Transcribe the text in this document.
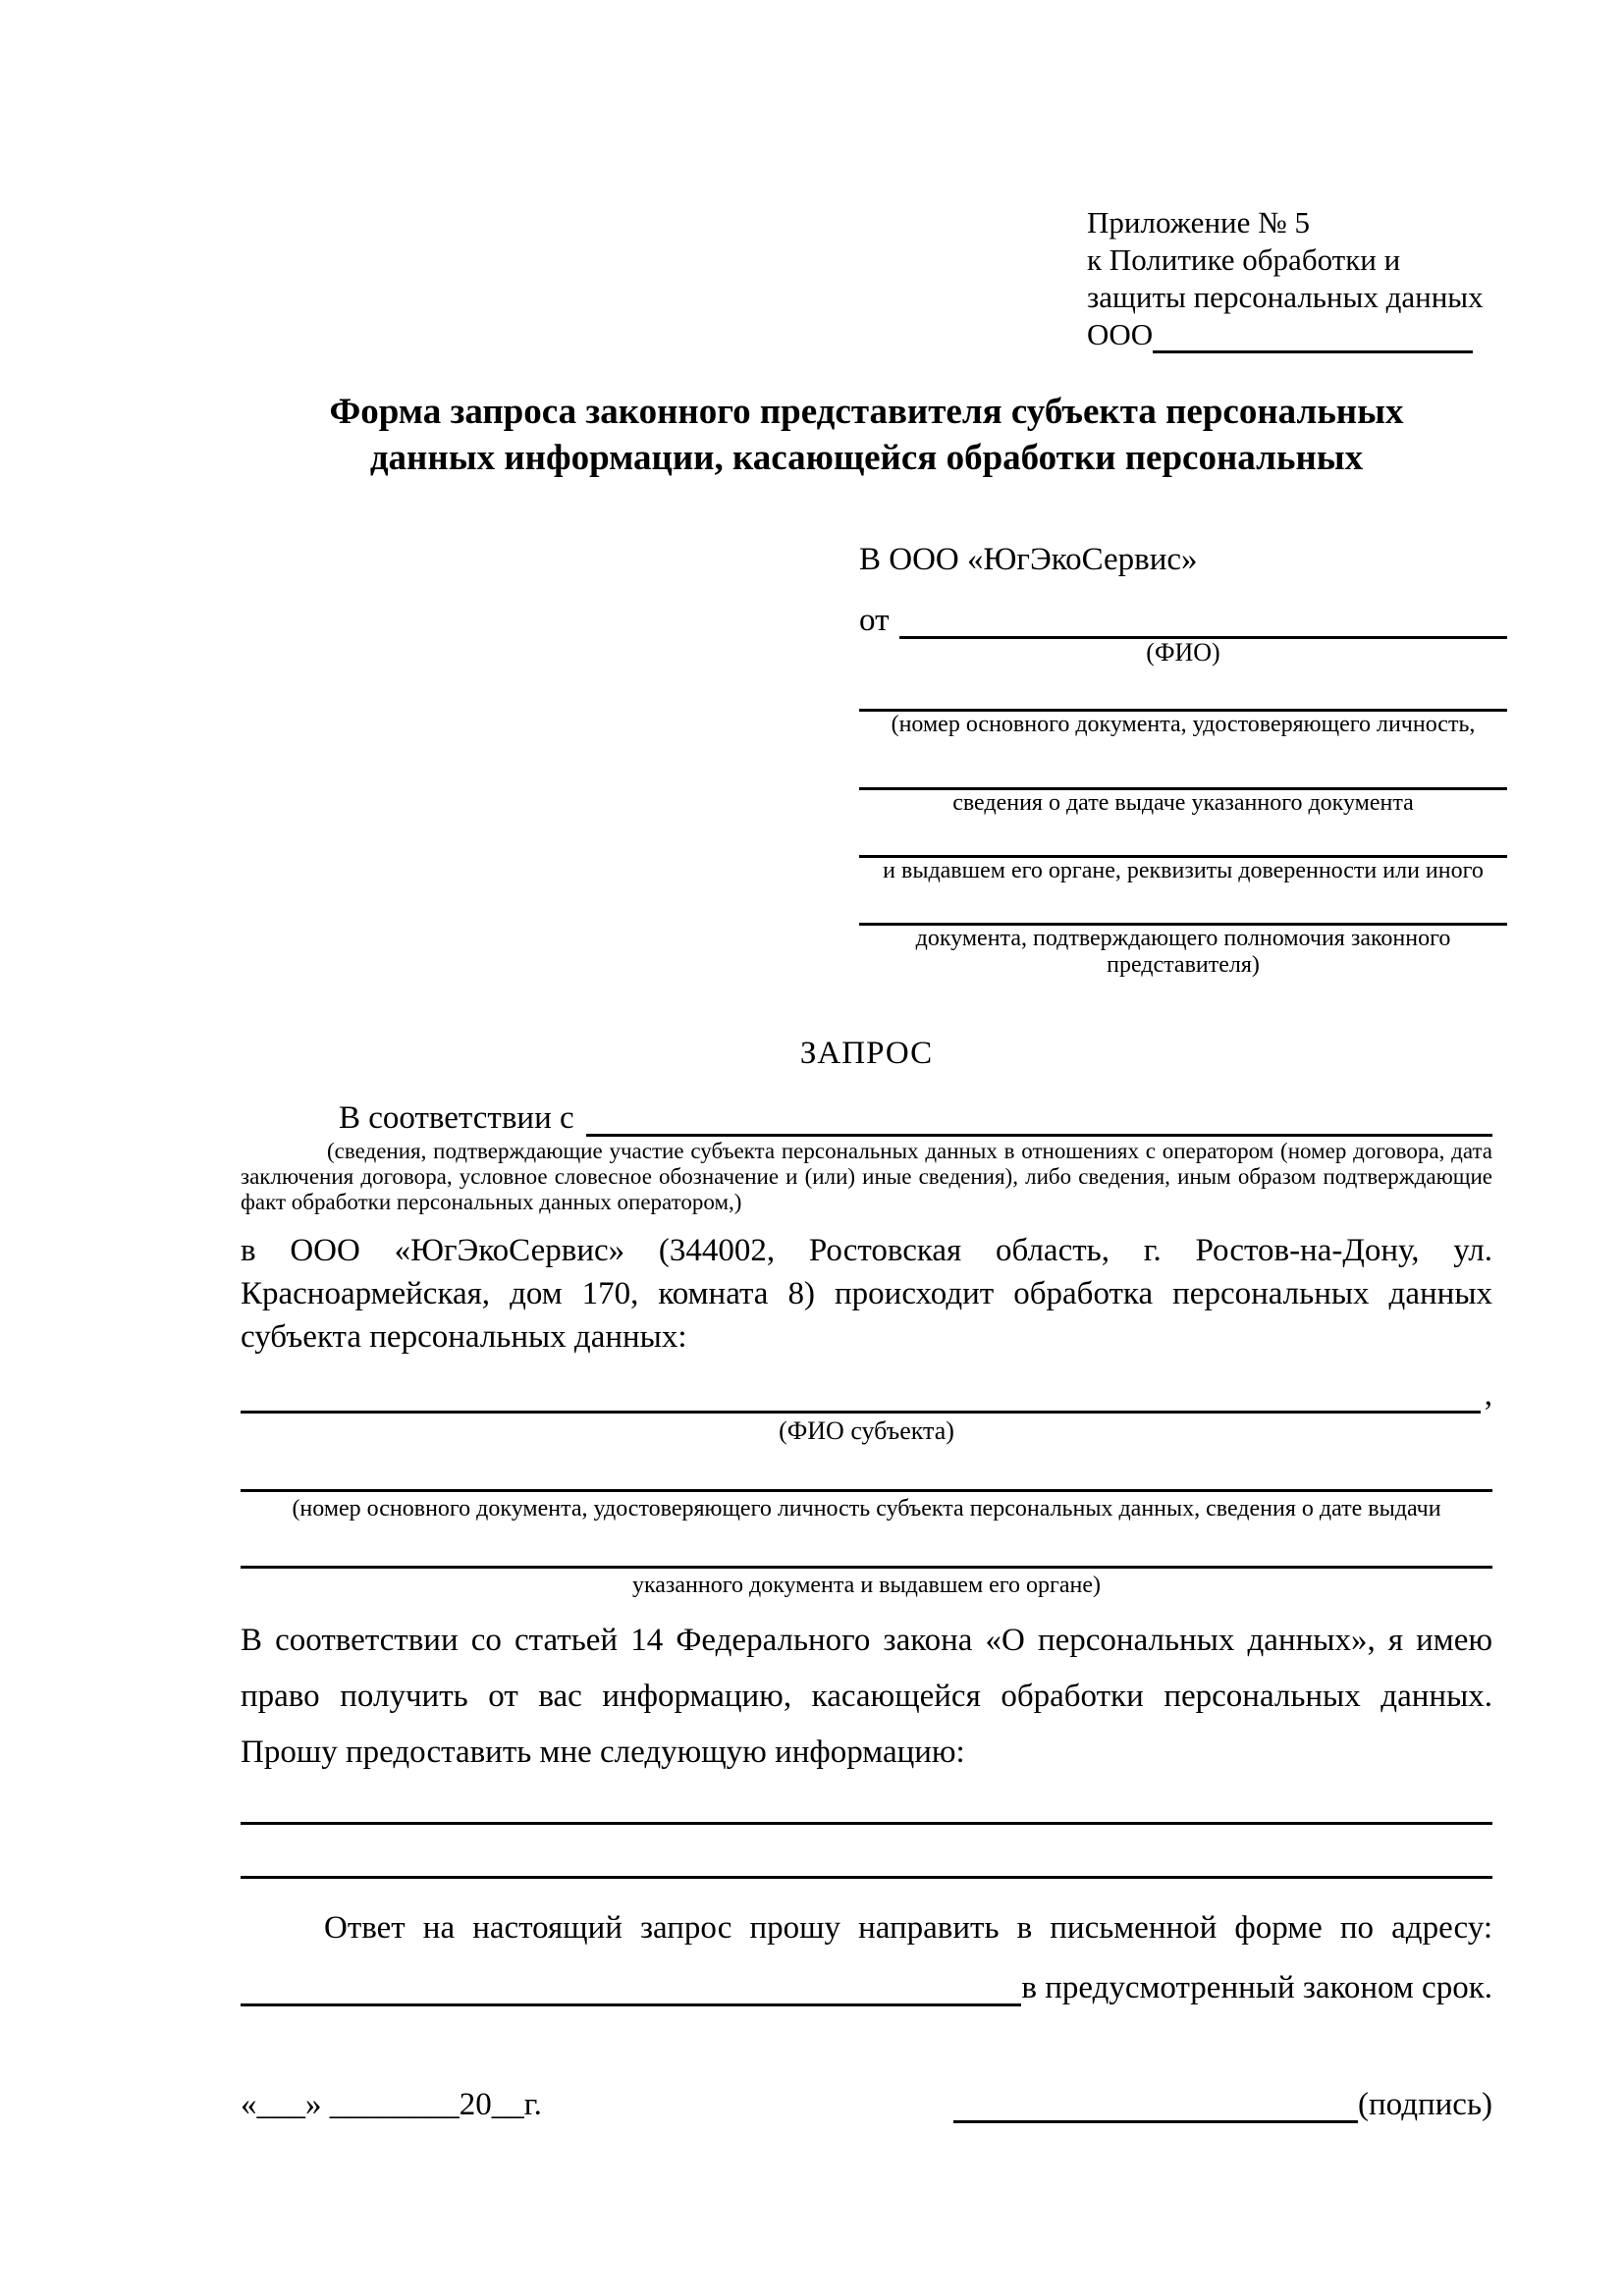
Приложение № 5
к Политике обработки и
защиты персональных данных
ООО
Форма запроса законного представителя субъекта персональных
данных информации, касающейся обработки персональных
В ООО «ЮгЭкоСервис»
от
(ФИО)
(номер основного документа, удостоверяющего личность,
сведения о дате выдаче указанного документа
и выдавшем его органе, реквизиты доверенности или иного
документа, подтверждающего полномочия законного представителя)
ЗАПРОС
В соответствии с
(сведения, подтверждающие участие субъекта персональных данных в отношениях с оператором (номер договора, дата заключения договора, условное словесное обозначение и (или) иные сведения), либо сведения, иным образом подтверждающие факт обработки персональных данных оператором,)
в ООО «ЮгЭкоСервис» (344002, Ростовская область, г. Ростов-на-Дону, ул. Красноармейская, дом 170, комната 8) происходит обработка персональных данных субъекта персональных данных:
,
(ФИО субъекта)
(номер основного документа, удостоверяющего личность субъекта персональных данных, сведения о дате выдачи
указанного документа и выдавшем его органе)
В соответствии со статьей 14 Федерального закона «О персональных данных», я имею право получить от вас информацию, касающейся обработки персональных данных. Прошу предоставить мне следующую информацию:
Ответ на настоящий запрос прошу направить в письменной форме по адресу:
в предусмотренный законом срок.
«___» ________20__г.	(подпись)
